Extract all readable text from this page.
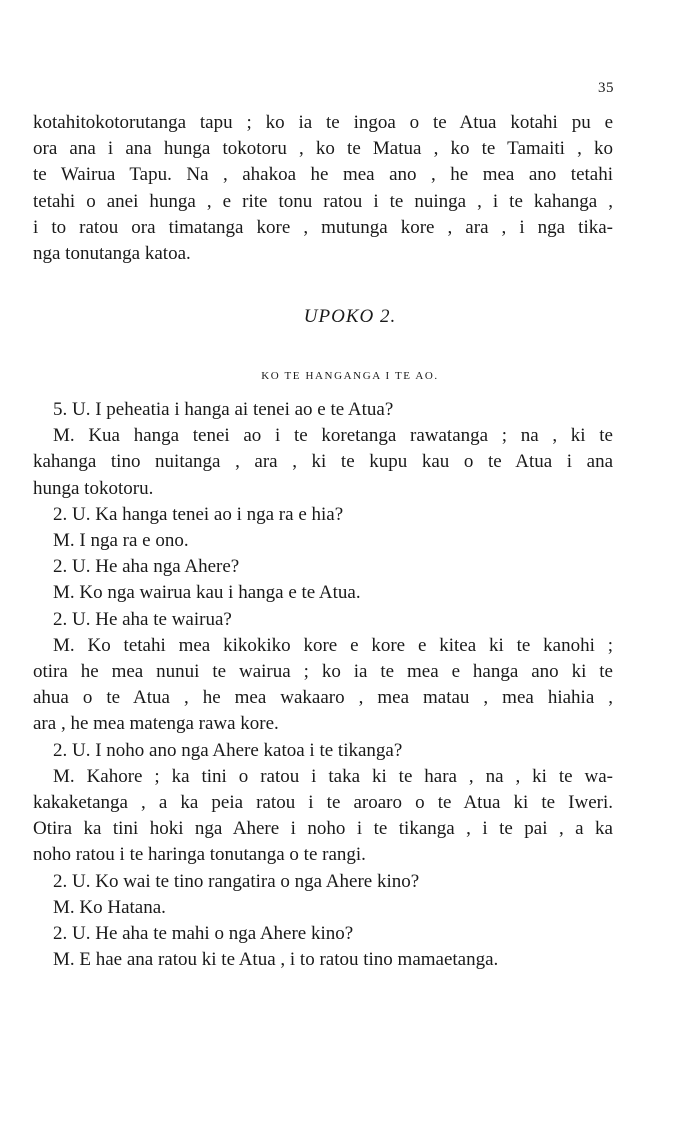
35

kotahitokotorutanga tapu ; ko ia te ingoa o te Atua kotahi pu e
ora ana i ana hunga tokotoru , ko te Matua , ko te Tamaiti , ko
te Wairua Tapu. Na , ahakoa he mea ano , he mea ano tetahi
tetahi o anei hunga , e rite tonu ratou i te nuinga , i te kahanga ,
i to ratou ora timatanga kore , mutunga kore , ara , i nga tika-
nga tonutanga katoa.

UPOKO 2.
KO TE HANGANGA I TE AO.

5. U. I peheatia i hanga ai tenei ao e te Atua?

M. Kua hanga tenei ao i te koretanga rawatanga ; na , ki te
kahanga tino nuitanga , ara , ki te kupu kau o te Atua i ana
hunga tokotoru.

2. U. Ka hanga tenei ao i nga ra e hia?

M. I nga ra e ono.

2. U. He aha nga Ahere?

M. Ko nga wairua kau i hanga e te Atua.

2. U. He aha te wairua?

M. Ko tetahi mea kikokiko kore e kore e kitea ki te kanohi ;
otira he mea nunui te wairua ; ko ia te mea e hanga ano ki te
ahua o te Atua , he mea wakaaro , mea matau , mea hiahia ,
ara , he mea matenga rawa kore.

2. U. I noho ano nga Ahere katoa i te tikanga?

M. Kahore ; ka tini o ratou i taka ki te hara , na , ki te wa-
kakaketanga , a ka peia ratou i te aroaro o te Atua ki te Iweri.
Otira ka tini hoki nga Ahere i noho i te tikanga , i te pai , a ka
noho ratou i te haringa tonutanga o te rangi.

2. U. Ko wai te tino rangatira o nga Ahere kino?

M. Ko Hatana.

2. U. He aha te mahi o nga Ahere kino?

M. E hae ana ratou ki te Atua , i to ratou tino mamaetanga.
